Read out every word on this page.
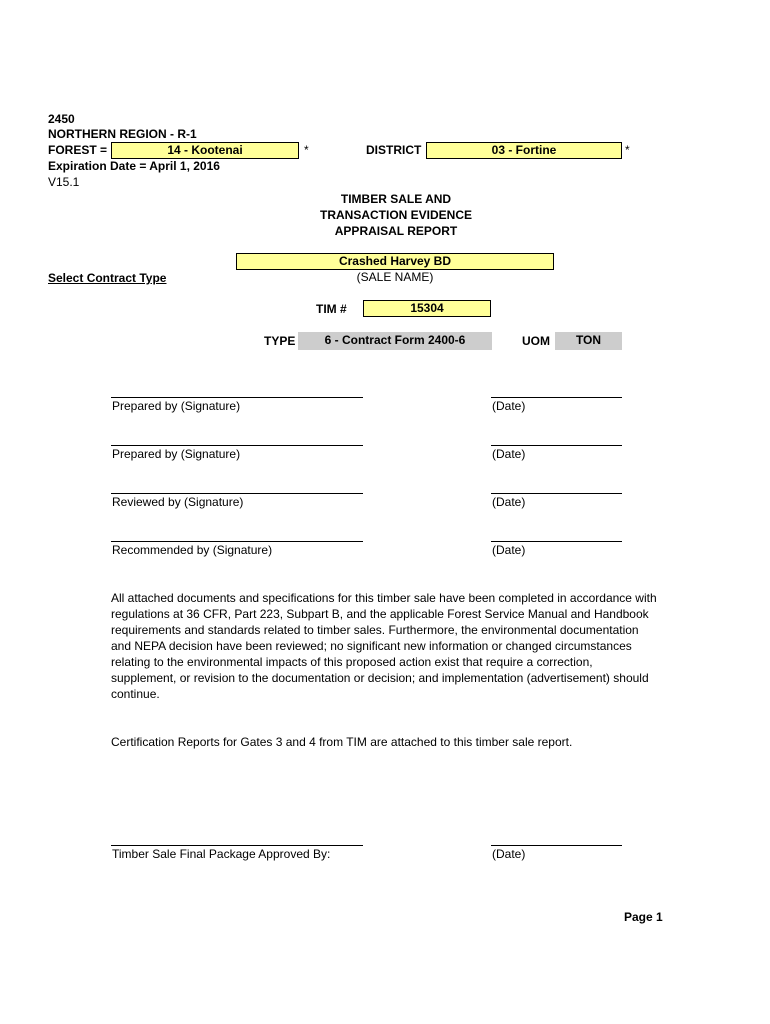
2450
NORTHERN REGION - R-1
FOREST =	14 - Kootenai	*	DISTRICT	03 - Fortine	*
Expiration Date = April 1, 2016
V15.1
TIMBER SALE AND
TRANSACTION EVIDENCE
APPRAISAL REPORT
Crashed Harvey BD
(SALE NAME)
Select Contract Type
TIM #	15304
TYPE	6 - Contract Form 2400-6	UOM	TON
Prepared by (Signature)	(Date)
Prepared by (Signature)	(Date)
Reviewed by (Signature)	(Date)
Recommended by (Signature)	(Date)
All attached documents and specifications for this timber sale have been completed in accordance with
regulations at 36 CFR, Part 223, Subpart B, and the applicable Forest Service Manual and Handbook
requirements and standards related to timber sales. Furthermore, the environmental documentation
and NEPA decision have been reviewed; no significant new information or changed circumstances
relating to the environmental impacts of this proposed action exist that require a correction,
supplement, or revision to the documentation or decision; and implementation (advertisement) should
continue.
Certification Reports for Gates 3 and 4 from TIM are attached to this timber sale report.
Timber Sale Final Package Approved By:	(Date)
Page 1
